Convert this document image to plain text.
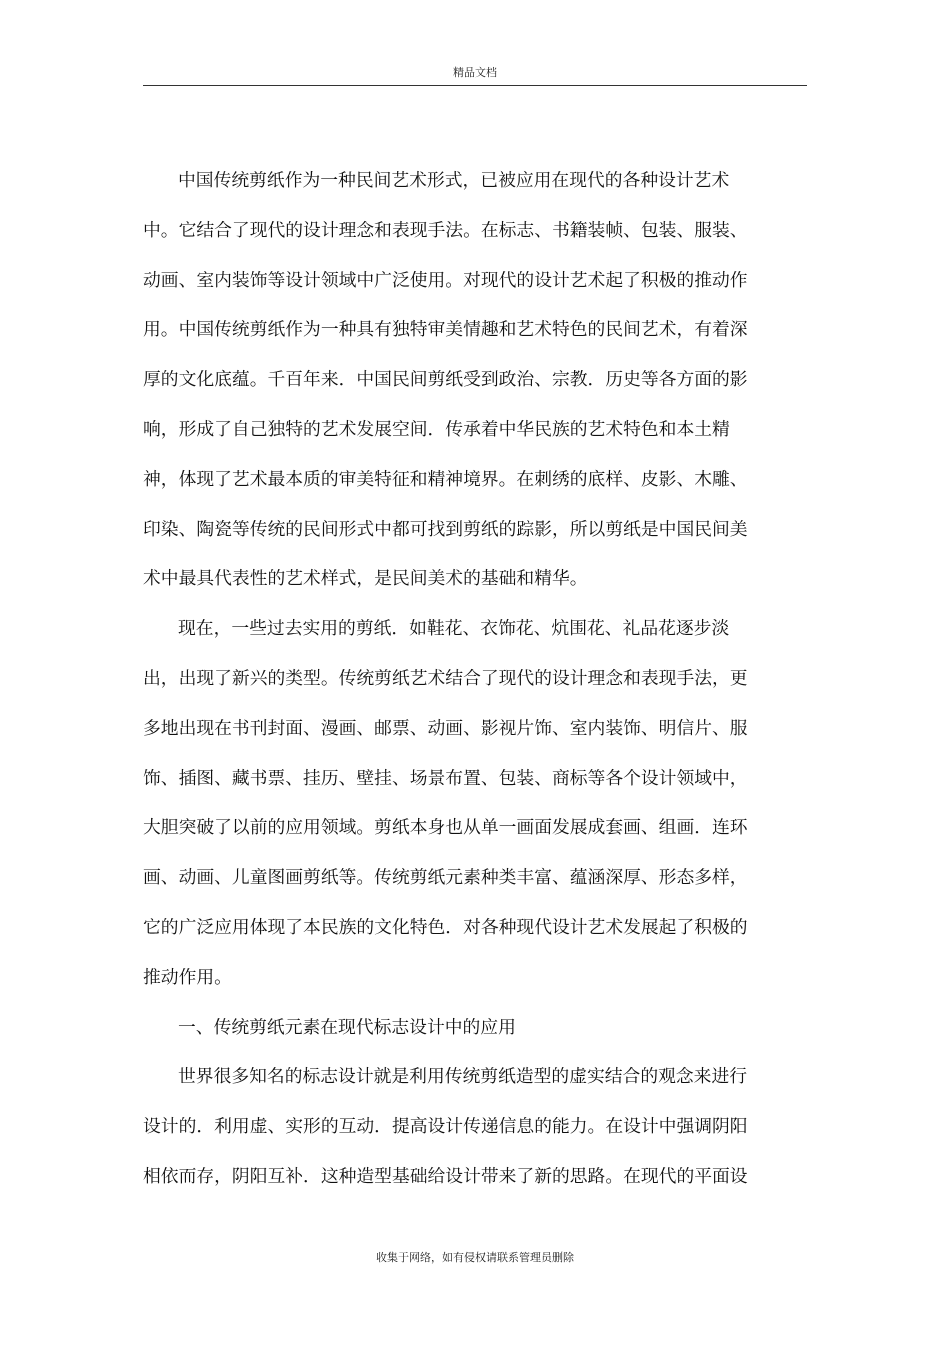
精品文档
中国传统剪纸作为一种民间艺术形式，已被应用在现代的各种设计艺术
中。它结合了现代的设计理念和表现手法。在标志、书籍装帧、包装、服装、
动画、室内装饰等设计领域中广泛使用。对现代的设计艺术起了积极的推动作
用。中国传统剪纸作为一种具有独特审美情趣和艺术特色的民间艺术，有着深
厚的文化底蕴。千百年来．中国民间剪纸受到政治、宗教．历史等各方面的影
响，形成了自己独特的艺术发展空间．传承着中华民族的艺术特色和本土精
神，体现了艺术最本质的审美特征和精神境界。在刺绣的底样、皮影、木雕、
印染、陶瓷等传统的民间形式中都可找到剪纸的踪影，所以剪纸是中国民间美
术中最具代表性的艺术样式，是民间美术的基础和精华。
现在，一些过去实用的剪纸．如鞋花、衣饰花、炕围花、礼品花逐步淡
出，出现了新兴的类型。传统剪纸艺术结合了现代的设计理念和表现手法，更
多地出现在书刊封面、漫画、邮票、动画、影视片饰、室内装饰、明信片、服
饰、插图、藏书票、挂历、壁挂、场景布置、包装、商标等各个设计领域中，
大胆突破了以前的应用领域。剪纸本身也从单一画面发展成套画、组画．连环
画、动画、儿童图画剪纸等。传统剪纸元素种类丰富、蕴涵深厚、形态多样，
它的广泛应用体现了本民族的文化特色．对各种现代设计艺术发展起了积极的
推动作用。
一、传统剪纸元素在现代标志设计中的应用
世界很多知名的标志设计就是利用传统剪纸造型的虚实结合的观念来进行
设计的．利用虚、实形的互动．提高设计传递信息的能力。在设计中强调阴阳
相依而存，阴阳互补．这种造型基础给设计带来了新的思路。在现代的平面设
收集于网络，如有侵权请联系管理员删除
